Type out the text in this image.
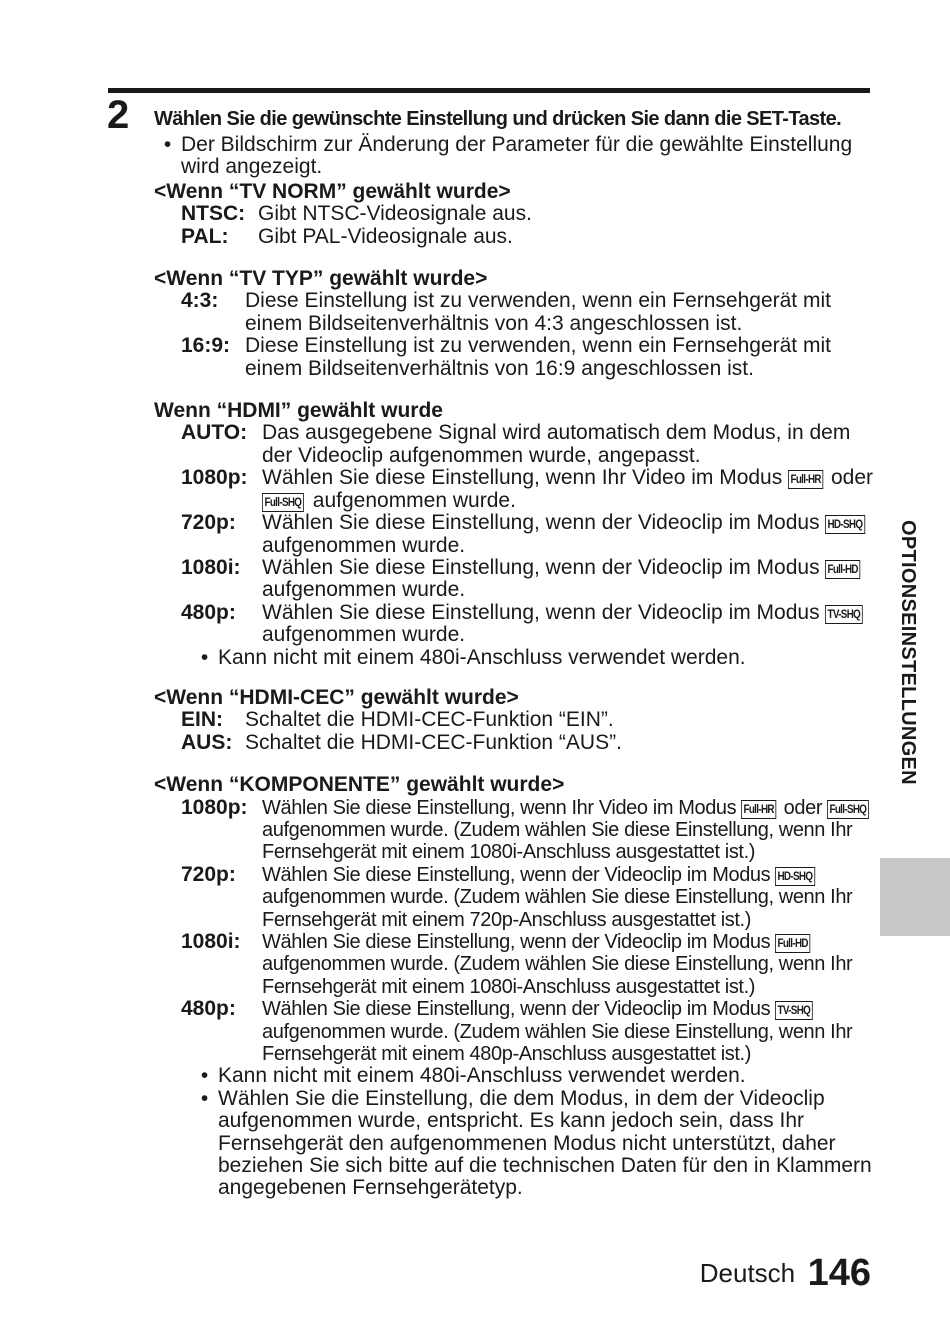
2 Wählen Sie die gewünschte Einstellung und drücken Sie dann die SET-Taste.
• Der Bildschirm zur Änderung der Parameter für die gewählte Einstellung wird angezeigt.
<Wenn “TV NORM” gewählt wurde>
NTSC: Gibt NTSC-Videosignale aus.
PAL:	Gibt PAL-Videosignale aus.
<Wenn “TV TYP” gewählt wurde>
4:3:	Diese Einstellung ist zu verwenden, wenn ein Fernsehgerät mit einem Bildseitenverhältnis von 4:3 angeschlossen ist.
16:9: Diese Einstellung ist zu verwenden, wenn ein Fernsehgerät mit einem Bildseitenverhältnis von 16:9 angeschlossen ist.
Wenn “HDMI” gewählt wurde
AUTO: Das ausgegebene Signal wird automatisch dem Modus, in dem der Videoclip aufgenommen wurde, angepasst.
1080p: Wählen Sie diese Einstellung, wenn Ihr Video im Modus Full-HR oder Full-SHQ aufgenommen wurde.
720p:	Wählen Sie diese Einstellung, wenn der Videoclip im Modus HD-SHQ aufgenommen wurde.
1080i:	Wählen Sie diese Einstellung, wenn der Videoclip im Modus Full-HD aufgenommen wurde.
480p:	Wählen Sie diese Einstellung, wenn der Videoclip im Modus TV-SHQ aufgenommen wurde.
• Kann nicht mit einem 480i-Anschluss verwendet werden.
<Wenn “HDMI-CEC” gewählt wurde>
EIN:	Schaltet die HDMI-CEC-Funktion “EIN”.
AUS: Schaltet die HDMI-CEC-Funktion “AUS”.
<Wenn “KOMPONENTE” gewählt wurde>
1080p: Wählen Sie diese Einstellung, wenn Ihr Video im Modus Full-HR oder Full-SHQ aufgenommen wurde. (Zudem wählen Sie diese Einstellung, wenn Ihr Fernsehgerät mit einem 1080i-Anschluss ausgestattet ist.)
720p:	Wählen Sie diese Einstellung, wenn der Videoclip im Modus HD-SHQ aufgenommen wurde. (Zudem wählen Sie diese Einstellung, wenn Ihr Fernsehgerät mit einem 720p-Anschluss ausgestattet ist.)
1080i:	Wählen Sie diese Einstellung, wenn der Videoclip im Modus Full-HD aufgenommen wurde. (Zudem wählen Sie diese Einstellung, wenn Ihr Fernsehgerät mit einem 1080i-Anschluss ausgestattet ist.)
480p:	Wählen Sie diese Einstellung, wenn der Videoclip im Modus TV-SHQ aufgenommen wurde. (Zudem wählen Sie diese Einstellung, wenn Ihr Fernsehgerät mit einem 480p-Anschluss ausgestattet ist.)
• Kann nicht mit einem 480i-Anschluss verwendet werden.
• Wählen Sie die Einstellung, die dem Modus, in dem der Videoclip aufgenommen wurde, entspricht. Es kann jedoch sein, dass Ihr Fernsehgerät den aufgenommenen Modus nicht unterstützt, daher beziehen Sie sich bitte auf die technischen Daten für den in Klammern angegebenen Fernsehgerätetyp.
OPTIONSEINSTELLUNGEN
Deutsch 146
